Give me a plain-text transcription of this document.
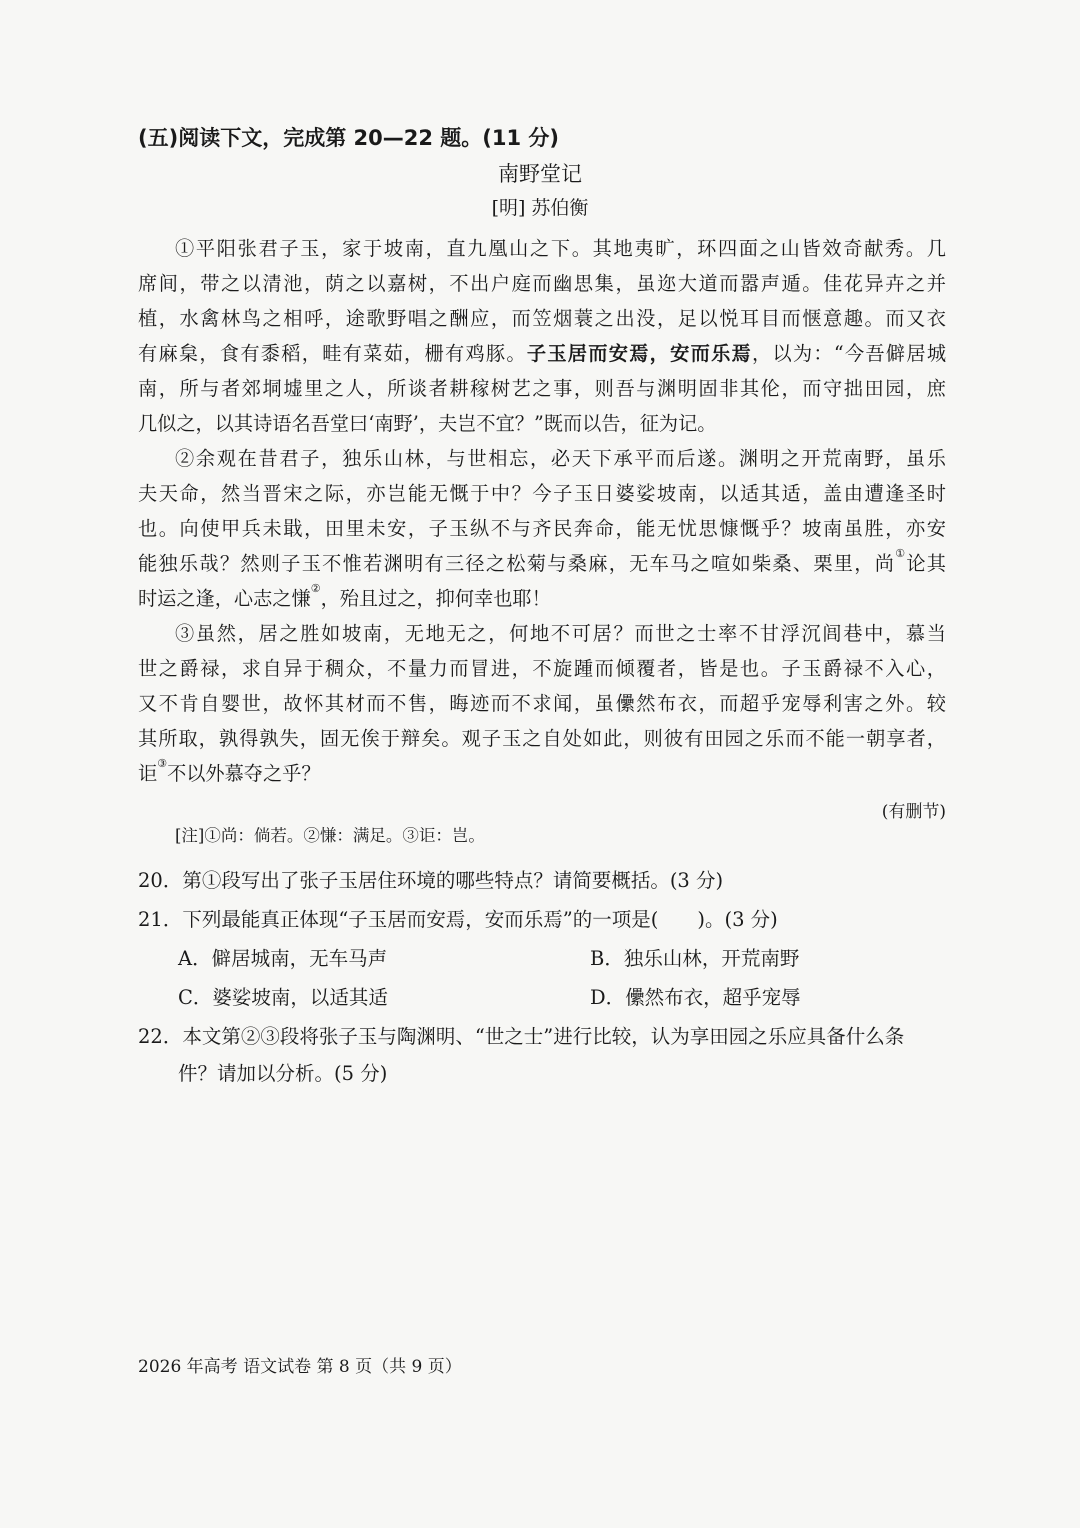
(五)阅读下文，完成第 20—22 题。(11 分)
南野堂记
[明] 苏伯衡
①平阳张君子玉，家于坡南，直九凰山之下。其地夷旷，环四面之山皆效奇献秀。几
席间，带之以清池，荫之以嘉树，不出户庭而幽思集，虽迩大道而嚣声遁。佳花异卉之并
植，水禽林鸟之相呼，途歌野唱之酬应，而笠烟蓑之出没，足以悦耳目而惬意趣。而又衣
有麻枲，食有黍稻，畦有菜茹，栅有鸡豚。子玉居而安焉，安而乐焉，以为：“今吾僻居城
南，所与者郊垌墟里之人，所谈者耕稼树艺之事，则吾与渊明固非其伦，而守拙田园，庶
几似之，以其诗语名吾堂曰‘南野’，夫岂不宜？”既而以告，征为记。
②余观在昔君子，独乐山林，与世相忘，必天下承平而后遂。渊明之开荒南野，虽乐
夫天命，然当晋宋之际，亦岂能无慨于中？今子玉日婆娑坡南，以适其适，盖由遭逢圣时
也。向使甲兵未戢，田里未安，子玉纵不与齐民奔命，能无忧思慷慨乎？坡南虽胜，亦安
能独乐哉？然则子玉不惟若渊明有三径之松菊与桑麻，无车马之喧如柴桑、栗里，尚①论其
时运之逢，心志之慊②，殆且过之，抑何幸也耶！
③虽然，居之胜如坡南，无地无之，何地不可居？而世之士率不甘浮沉闾巷中，慕当
世之爵禄，求自异于稠众，不量力而冒进，不旋踵而倾覆者，皆是也。子玉爵禄不入心，
又不肯自婴世，故怀其材而不售，晦迹而不求闻，虽儽然布衣，而超乎宠辱利害之外。较
其所取，孰得孰失，固无俟于辩矣。观子玉之自处如此，则彼有田园之乐而不能一朝享者，
讵③不以外慕夺之乎？
(有删节)
[注]①尚：倘若。②慊：满足。③讵：岂。
20．第①段写出了张子玉居住环境的哪些特点？请简要概括。(3 分)
21．下列最能真正体现“子玉居而安焉，安而乐焉”的一项是(　　)。(3 分)
A．僻居城南，无车马声	B．独乐山林，开荒南野
C．婆娑坡南，以适其适	D．儽然布衣，超乎宠辱
22．本文第②③段将张子玉与陶渊明、“世之士”进行比较，认为享田园之乐应具备什么条
件？请加以分析。(5 分)
2026 年高考 语文试卷 第 8 页（共 9 页）
